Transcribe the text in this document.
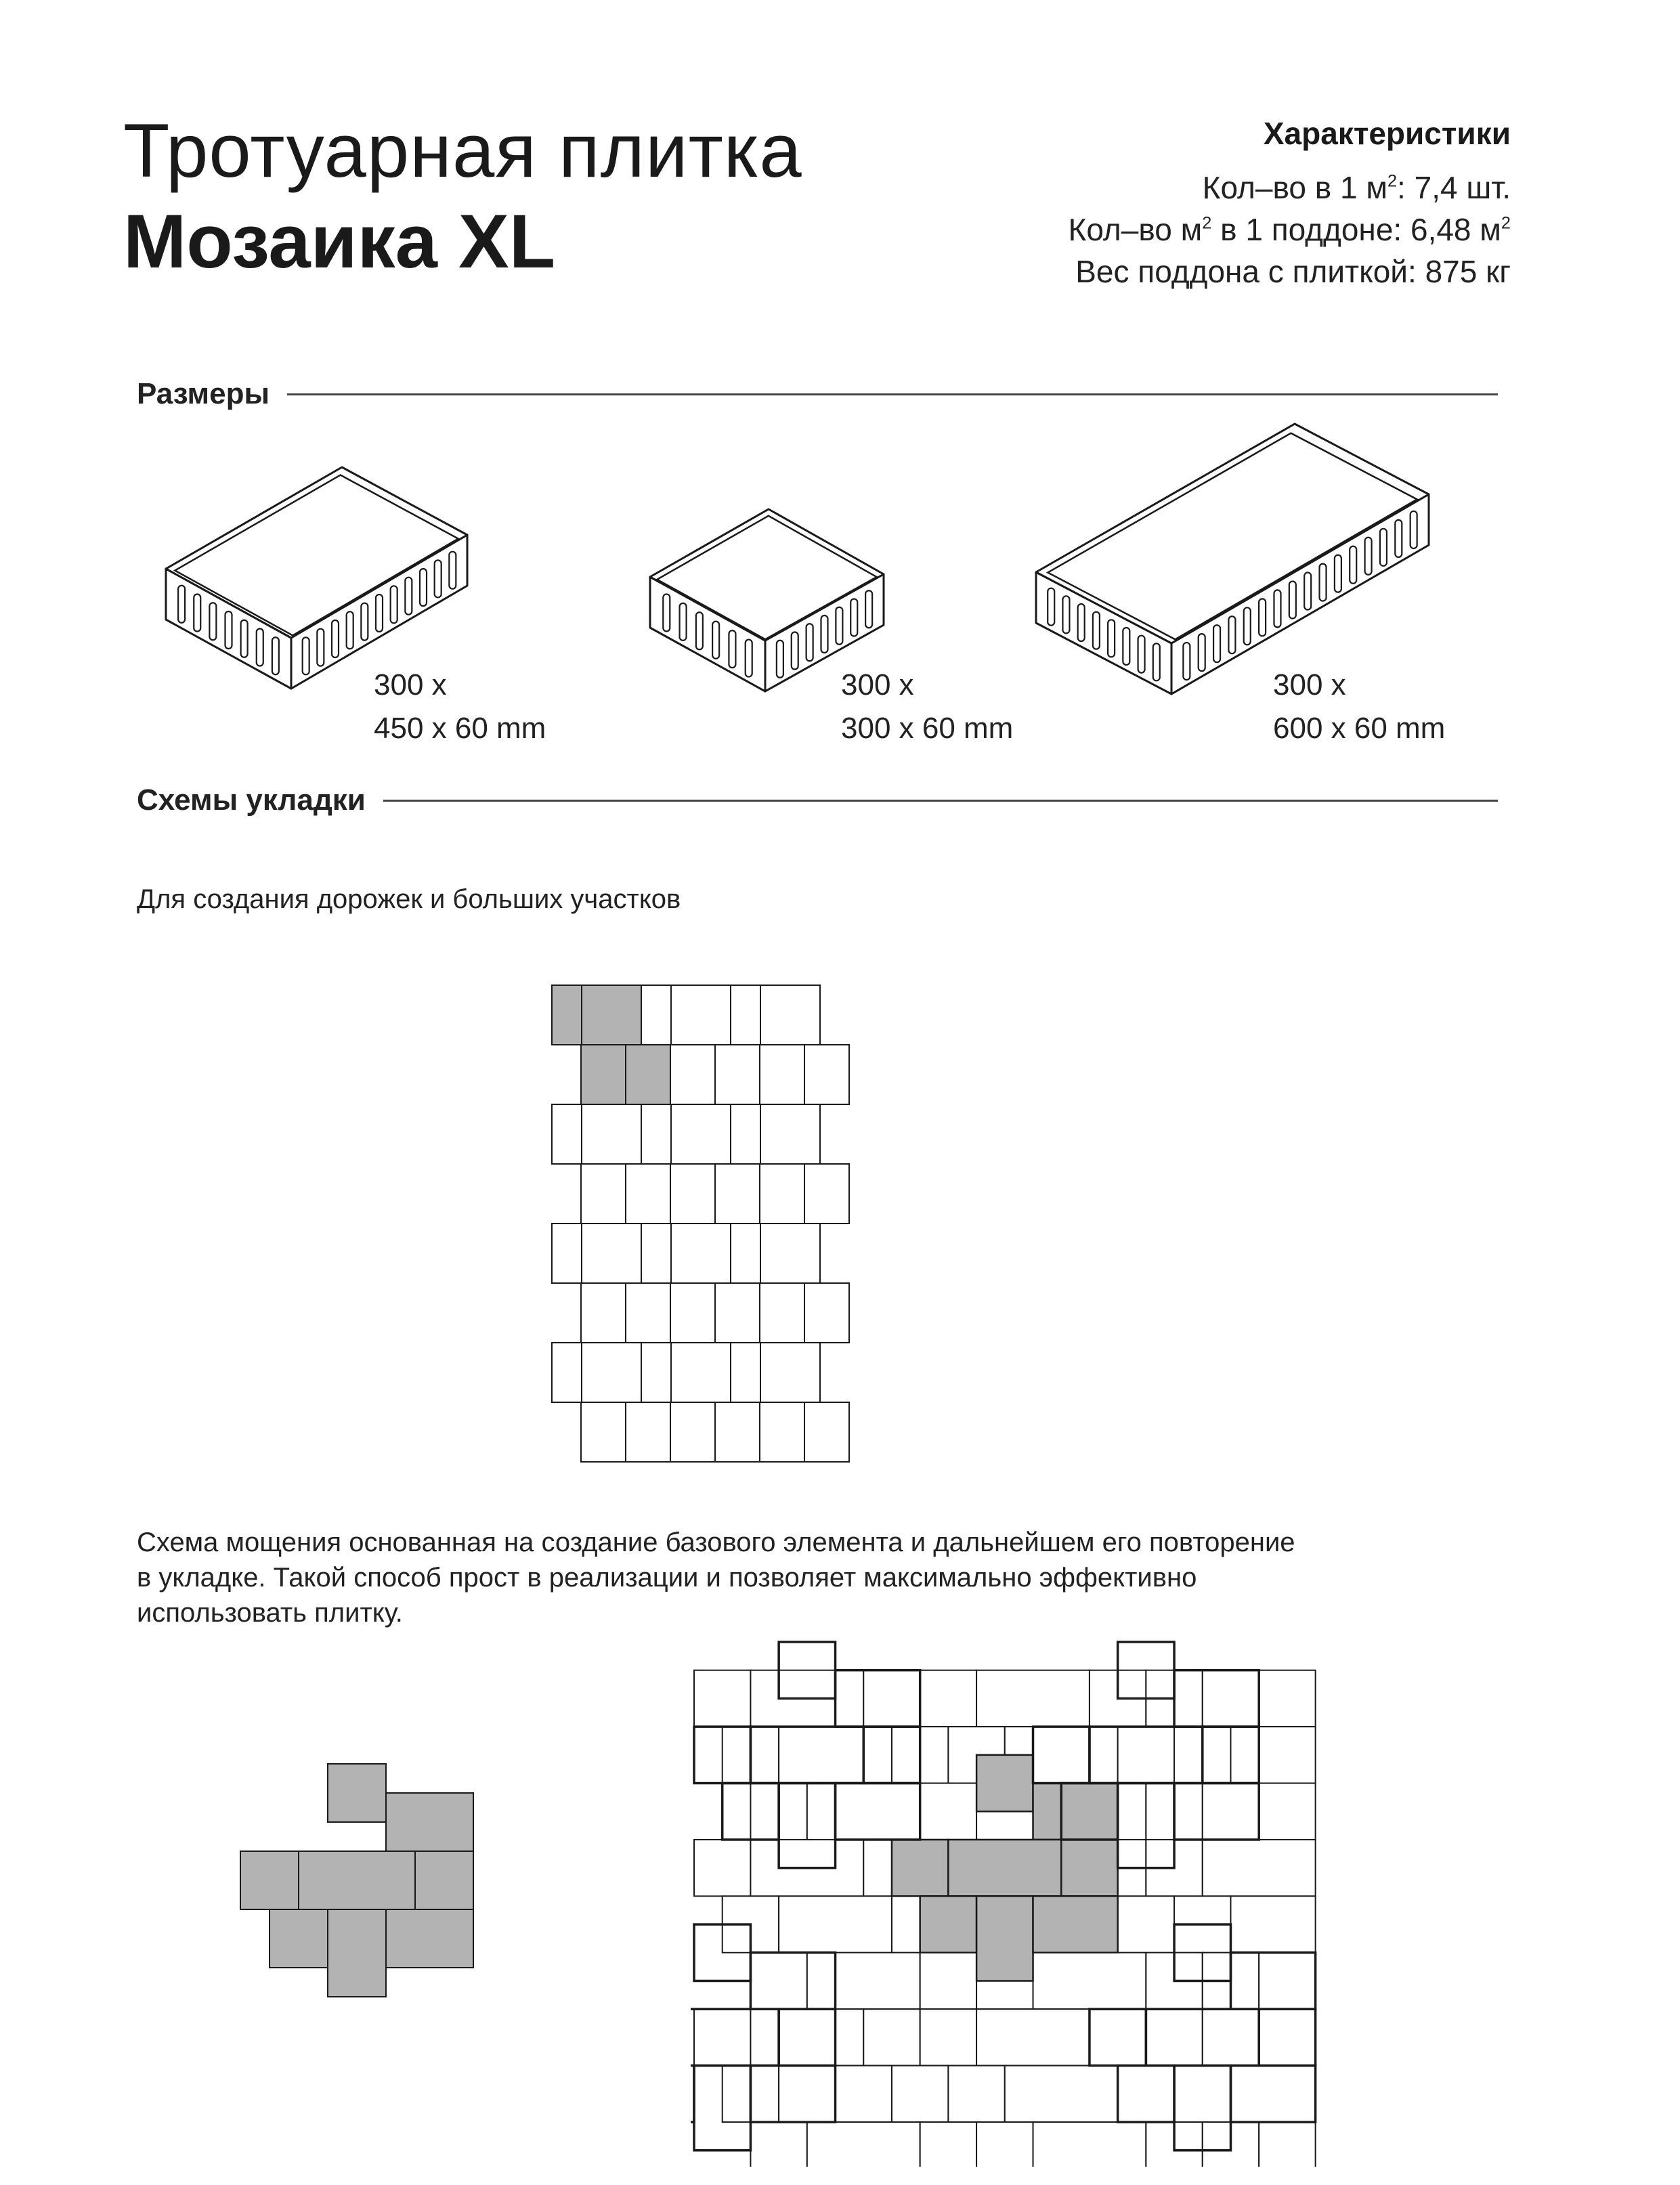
Тротуарная плитка
Мозаика XL
Характеристики
Кол–во в 1 $м^2$: 7,4 шт.
Кол–во $м^2$ в 1 поддоне: 6,48 $м^2$
Вес поддона с плиткой: 875 кг
Размеры
300 x
450 x 60 mm
300 x
300 x 60 mm
300 x
600 x 60 mm
Схемы укладки
Для создания дорожек и больших участков
Схема мощения основанная на создание базового элемента и дальнейшем его повторение
в укладке. Такой способ прост в реализации и позволяет максимально эффективно
использовать плитку.
